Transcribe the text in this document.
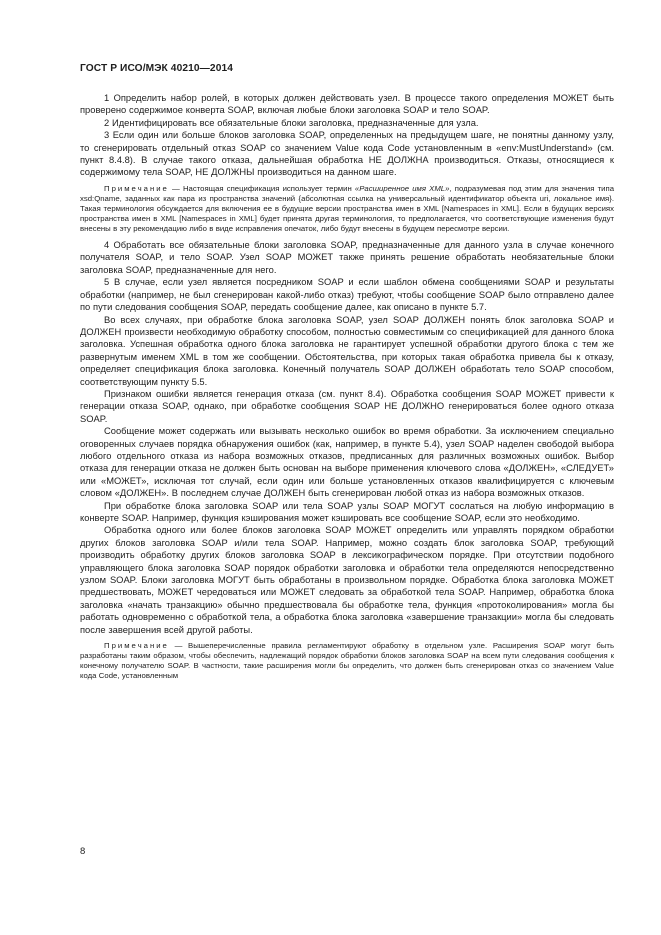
ГОСТ Р ИСО/МЭК 40210—2014

1 Определить набор ролей, в которых должен действовать узел. В процессе такого определения МОЖЕТ быть проверено содержимое конверта SOAP, включая любые блоки заголовка SOAP и тело SOAP.

2 Идентифицировать все обязательные блоки заголовка, предназначенные для узла.

3 Если один или больше блоков заголовка SOAP, определенных на предыдущем шаге, не понятны данному узлу, то сгенерировать отдельный отказ SOAP со значением Value кода Code установленным в «env:MustUnderstand» (см. пункт 8.4.8). В случае такого отказа, дальнейшая обработка НЕ ДОЛЖНА производиться. Отказы, относящиеся к содержимому тела SOAP, НЕ ДОЛЖНЫ производиться на данном шаге.

Примечание — Настоящая спецификация использует термин «Расширенное имя XML», подразумевая под этим для значения типа xsd:Qname, заданных как пара из пространства значений {абсолютная ссылка на универсальный идентификатор объекта uri, локальное имя}. Такая терминология обсуждается для включения ее в будущие версии пространства имен в XML [Namespaces in XML]. Если в будущих версиях пространства имен в XML [Namespaces in XML] будет принята другая терминология, то предполагается, что соответствующие изменения будут внесены в эту рекомендацию либо в виде исправления опечаток, либо будут внесены в будущем пересмотре версии.

4 Обработать все обязательные блоки заголовка SOAP, предназначенные для данного узла в случае конечного получателя SOAP, и тело SOAP. Узел SOAP МОЖЕТ также принять решение обработать необязательные блоки заголовка SOAP, предназначенные для него.

5 В случае, если узел является посредником SOAP и если шаблон обмена сообщениями SOAP и результаты обработки (например, не был сгенерирован какой-либо отказ) требуют, чтобы сообщение SOAP было отправлено далее по пути следования сообщения SOAP, передать сообщение далее, как описано в пункте 5.7.

Во всех случаях, при обработке блока заголовка SOAP, узел SOAP ДОЛЖЕН понять блок заголовка SOAP и ДОЛЖЕН произвести необходимую обработку способом, полностью совместимым со спецификацией для данного блока заголовка. Успешная обработка одного блока заголовка не гарантирует успешной обработки другого блока с тем же развернутым именем XML в том же сообщении. Обстоятельства, при которых такая обработка привела бы к отказу, определяет спецификация блока заголовка. Конечный получатель SOAP ДОЛЖЕН обработать тело SOAP способом, соответствующим пункту 5.5.

Признаком ошибки является генерация отказа (см. пункт 8.4). Обработка сообщения SOAP МОЖЕТ привести к генерации отказа SOAP, однако, при обработке сообщения SOAP НЕ ДОЛЖНО генерироваться более одного отказа SOAP.

Сообщение может содержать или вызывать несколько ошибок во время обработки. За исключением специально оговоренных случаев порядка обнаружения ошибок (как, например, в пункте 5.4), узел SOAP наделен свободой выбора любого отдельного отказа из набора возможных отказов, предписанных для различных возможных ошибок. Выбор отказа для генерации отказа не должен быть основан на выборе применения ключевого слова «ДОЛЖЕН», «СЛЕДУЕТ» или «МОЖЕТ», исключая тот случай, если один или больше установленных отказов квалифицируется с ключевым словом «ДОЛЖЕН». В последнем случае ДОЛЖЕН быть сгенерирован любой отказ из набора возможных отказов.

При обработке блока заголовка SOAP или тела SOAP узлы SOAP МОГУТ сослаться на любую информацию в конверте SOAP. Например, функция кэширования может кэшировать все сообщение SOAP, если это необходимо.

Обработка одного или более блоков заголовка SOAP МОЖЕТ определить или управлять порядком обработки других блоков заголовка SOAP и/или тела SOAP. Например, можно создать блок заголовка SOAP, требующий производить обработку других блоков заголовка SOAP в лексикографическом порядке. При отсутствии подобного управляющего блока заголовка SOAP порядок обработки заголовка и обработки тела определяются непосредственно узлом SOAP. Блоки заголовка МОГУТ быть обработаны в произвольном порядке. Обработка блока заголовка МОЖЕТ предшествовать, МОЖЕТ чередоваться или МОЖЕТ следовать за обработкой тела SOAP. Например, обработка блока заголовка «начать транзакцию» обычно предшествовала бы обработке тела, функция «протоколирования» могла бы работать одновременно с обработкой тела, а обработка блока заголовка «завершение транзакции» могла бы следовать после завершения всей другой работы.

Примечание — Вышеперечисленные правила регламентируют обработку в отдельном узле. Расширения SOAP могут быть разработаны таким образом, чтобы обеспечить, надлежащий порядок обработки блоков заголовка SOAP на всем пути следования сообщения к конечному получателю SOAP. В частности, такие расширения могли бы определить, что должен быть сгенерирован отказ со значением Value кода Code, установленным

8
